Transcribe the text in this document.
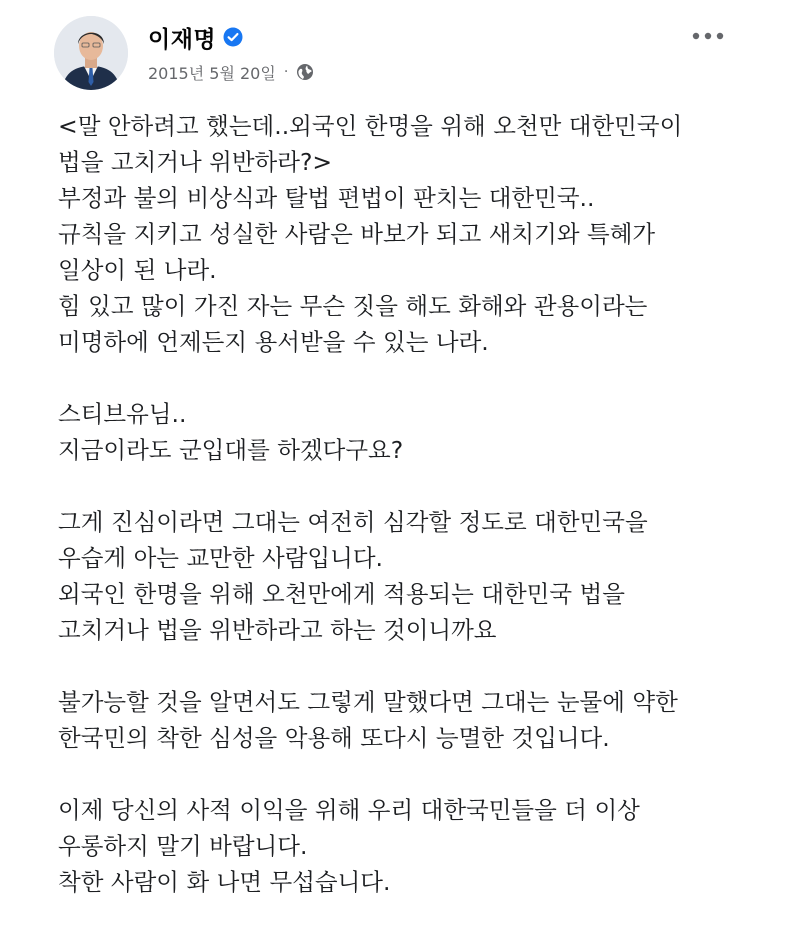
이재명
2015년 5월 20일 ·

<말 안하려고 했는데..외국인 한명을 위해 오천만 대한민국이
법을 고치거나 위반하라?>
부정과 불의 비상식과 탈법 편법이 판치는 대한민국..
규칙을 지키고 성실한 사람은 바보가 되고 새치기와 특혜가
일상이 된 나라.
힘 있고 많이 가진 자는 무슨 짓을 해도 화해와 관용이라는
미명하에 언제든지 용서받을 수 있는 나라.

스티브유님..
지금이라도 군입대를 하겠다구요?

그게 진심이라면 그대는 여전히 심각할 정도로 대한민국을
우습게 아는 교만한 사람입니다.
외국인 한명을 위해 오천만에게 적용되는 대한민국 법을
고치거나 법을 위반하라고 하는 것이니까요

불가능할 것을 알면서도 그렇게 말했다면 그대는 눈물에 약한
한국민의 착한 심성을 악용해 또다시 능멸한 것입니다.

이제 당신의 사적 이익을 위해 우리 대한국민들을 더 이상
우롱하지 말기 바랍니다.
착한 사람이 화 나면 무섭습니다.
